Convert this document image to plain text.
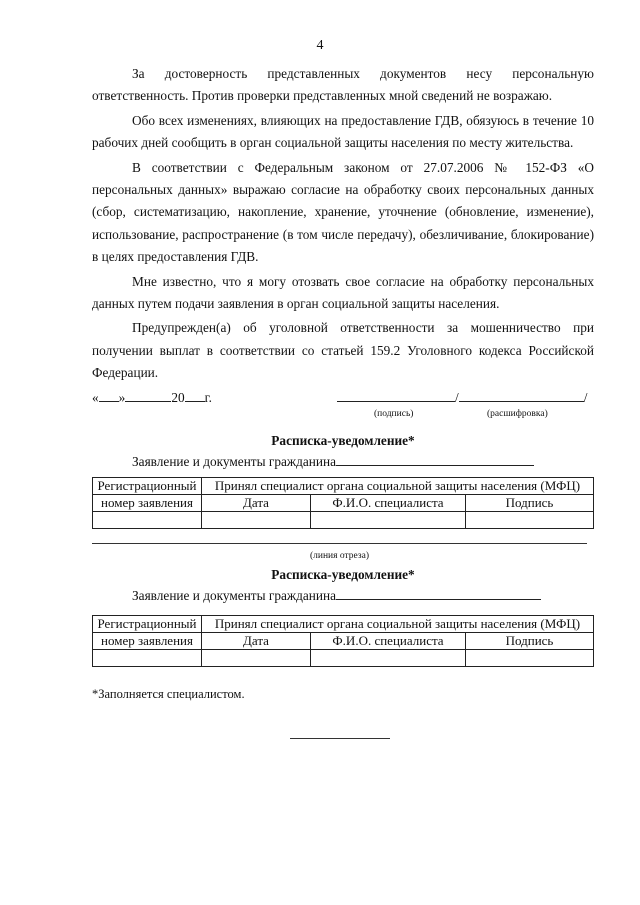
4

За достоверность представленных документов несу персональную ответственность. Против проверки представленных мной сведений не возражаю.

Обо всех изменениях, влияющих на предоставление ГДВ, обязуюсь в течение 10 рабочих дней сообщить в орган социальной защиты населения по месту жительства.

В соответствии с Федеральным законом от 27.07.2006 № 152-ФЗ «О персональных данных» выражаю согласие на обработку своих персональных данных (сбор, систематизацию, накопление, хранение, уточнение (обновление, изменение), использование, распространение (в том числе передачу), обезличивание, блокирование) в целях предоставления ГДВ.

Мне известно, что я могу отозвать свое согласие на обработку персональных данных путем подачи заявления в орган социальной защиты населения.

Предупрежден(а) об уголовной ответственности за мошенничество при получении выплат в соответствии со статьей 159.2 Уголовного кодекса Российской Федерации.

« »	20 г.	/	/
(подпись)	(расшифровка)
Расписка-уведомление*
Заявление и документы гражданина
Регистрационный	Принял специалист органа социальной защиты населения (МФЦ)		
номер заявления	Дата	Ф.И.О. специалиста	Подпись

(линия отреза)
Расписка-уведомление*
Заявление и документы гражданина
Регистрационный	Принял специалист органа социальной защиты населения (МФЦ)		
номер заявления	Дата	Ф.И.О. специалиста	Подпись

*Заполняется специалистом.
